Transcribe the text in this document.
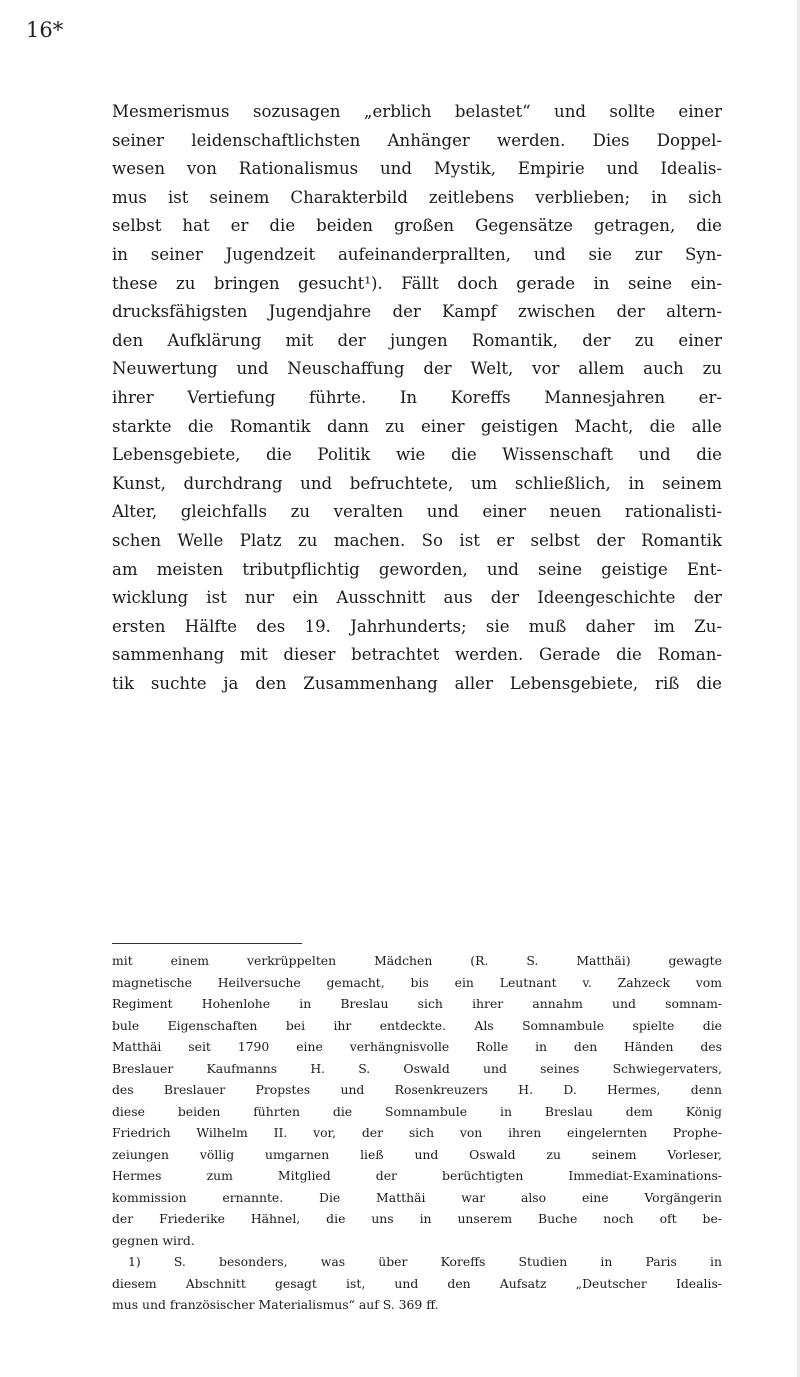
16*
Mesmerismus sozusagen „erblich belastet“ und sollte einer
seiner leidenschaftlichsten Anhänger werden. Dies Doppel-
wesen von Rationalismus und Mystik, Empirie und Idealis-
mus ist seinem Charakterbild zeitlebens verblieben; in sich
selbst hat er die beiden großen Gegensätze getragen, die
in seiner Jugendzeit aufeinanderprallten, und sie zur Syn-
these zu bringen gesucht¹). Fällt doch gerade in seine ein-
drucksfähigsten Jugendjahre der Kampf zwischen der altern-
den Aufklärung mit der jungen Romantik, der zu einer
Neuwertung und Neuschaffung der Welt, vor allem auch zu
ihrer Vertiefung führte. In Koreffs Mannesjahren er-
starkte die Romantik dann zu einer geistigen Macht, die alle
Lebensgebiete, die Politik wie die Wissenschaft und die
Kunst, durchdrang und befruchtete, um schließlich, in seinem
Alter, gleichfalls zu veralten und einer neuen rationalisti-
schen Welle Platz zu machen. So ist er selbst der Romantik
am meisten tributpflichtig geworden, und seine geistige Ent-
wicklung ist nur ein Ausschnitt aus der Ideengeschichte der
ersten Hälfte des 19. Jahrhunderts; sie muß daher im Zu-
sammenhang mit dieser betrachtet werden. Gerade die Roman-
tik suchte ja den Zusammenhang aller Lebensgebiete, riß die
mit einem verkrüppelten Mädchen (R. S. Matthäi) gewagte
magnetische Heilversuche gemacht, bis ein Leutnant v. Zahzeck vom
Regiment Hohenlohe in Breslau sich ihrer annahm und somnam-
bule Eigenschaften bei ihr entdeckte. Als Somnambule spielte die
Matthäi seit 1790 eine verhängnisvolle Rolle in den Händen des
Breslauer Kaufmanns H. S. Oswald und seines Schwiegervaters,
des Breslauer Propstes und Rosenkreuzers H. D. Hermes, denn
diese beiden führten die Somnambule in Breslau dem König
Friedrich Wilhelm II. vor, der sich von ihren eingelernten Prophe-
zeiungen völlig umgarnen ließ und Oswald zu seinem Vorleser,
Hermes zum Mitglied der berüchtigten Immediat-Examinations-
kommission ernannte. Die Matthäi war also eine Vorgängerin
der Friederike Hähnel, die uns in unserem Buche noch oft be-
gegnen wird.
1) S. besonders, was über Koreffs Studien in Paris in
diesem Abschnitt gesagt ist, und den Aufsatz „Deutscher Idealis-
mus und französischer Materialismus“ auf S. 369 ff.
